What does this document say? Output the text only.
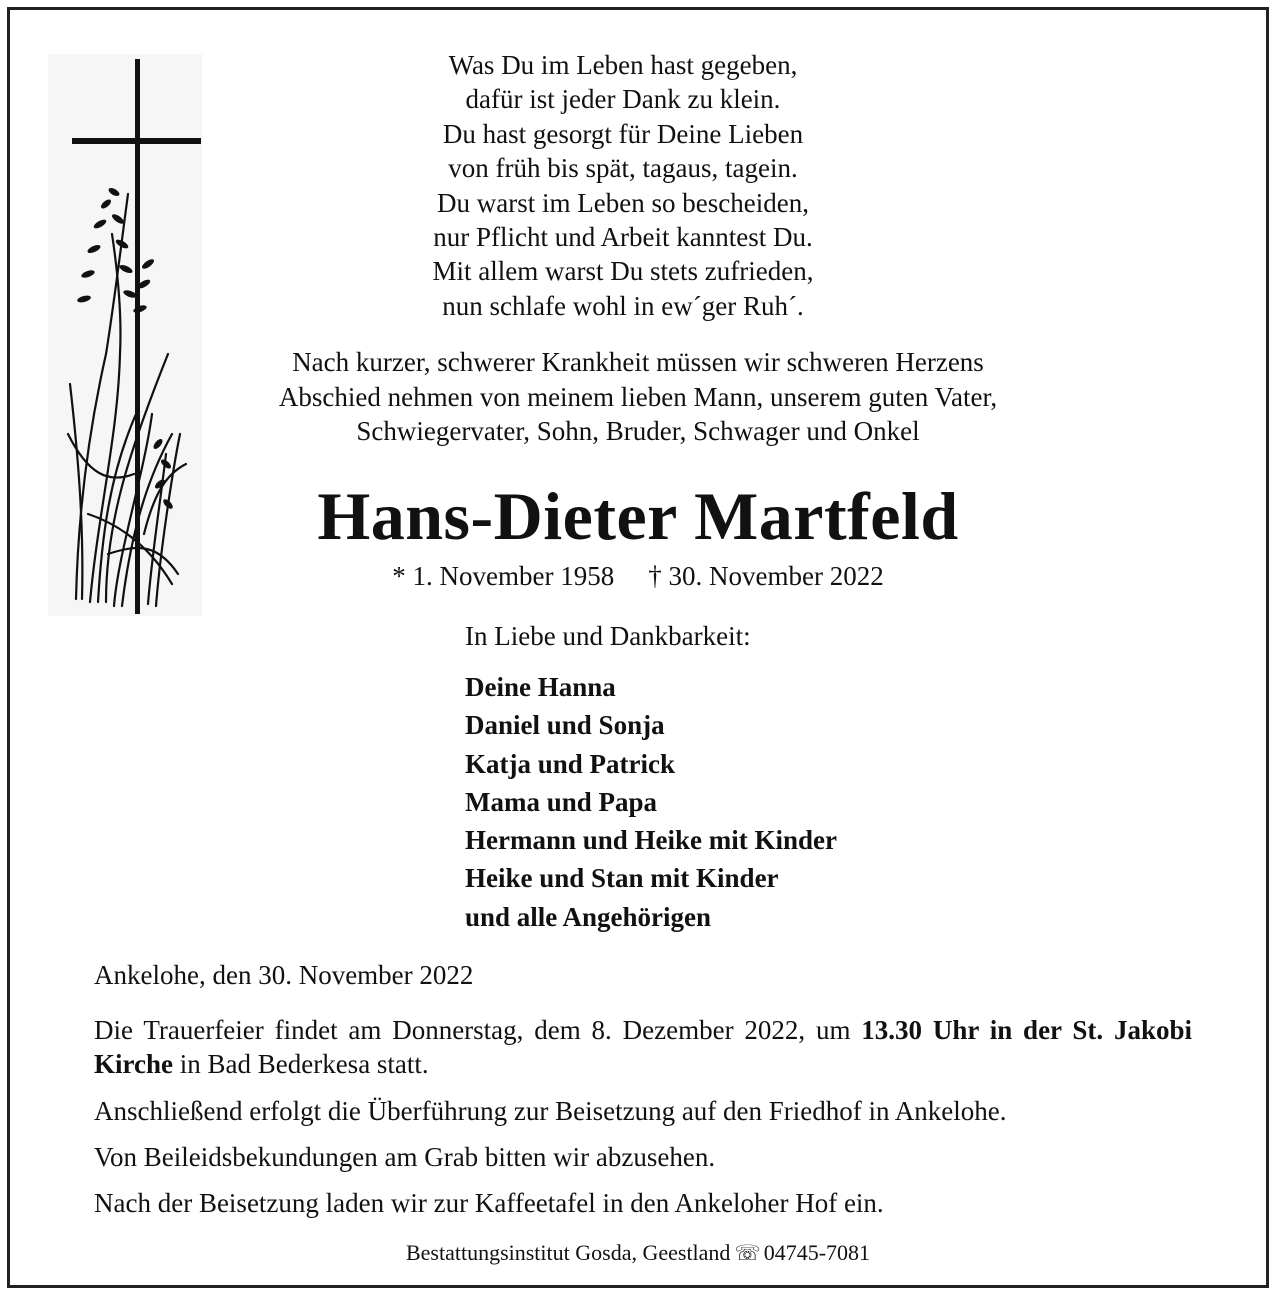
Was Du im Leben hast gegeben,
dafür ist jeder Dank zu klein.
Du hast gesorgt für Deine Lieben
von früh bis spät, tagaus, tagein.
Du warst im Leben so bescheiden,
nur Pflicht und Arbeit kanntest Du.
Mit allem warst Du stets zufrieden,
nun schlafe wohl in ew´ger Ruh´.
Nach kurzer, schwerer Krankheit müssen wir schweren Herzens
Abschied nehmen von meinem lieben Mann, unserem guten Vater,
Schwiegervater, Sohn, Bruder, Schwager und Onkel
Hans-Dieter Martfeld
* 1. November 1958 † 30. November 2022
In Liebe und Dankbarkeit:
Deine Hanna
Daniel und Sonja
Katja und Patrick
Mama und Papa
Hermann und Heike mit Kinder
Heike und Stan mit Kinder
und alle Angehörigen
Ankelohe, den 30. November 2022
Die Trauerfeier findet am Donnerstag, dem 8. Dezember 2022, um 13.30 Uhr in der St. Jakobi Kirche in Bad Bederkesa statt.
Anschließend erfolgt die Überführung zur Beisetzung auf den Friedhof in Ankelohe.
Von Beileidsbekundungen am Grab bitten wir abzusehen.
Nach der Beisetzung laden wir zur Kaffeetafel in den Ankeloher Hof ein.
Bestattungsinstitut Gosda, Geestland ☏ 04745-7081
